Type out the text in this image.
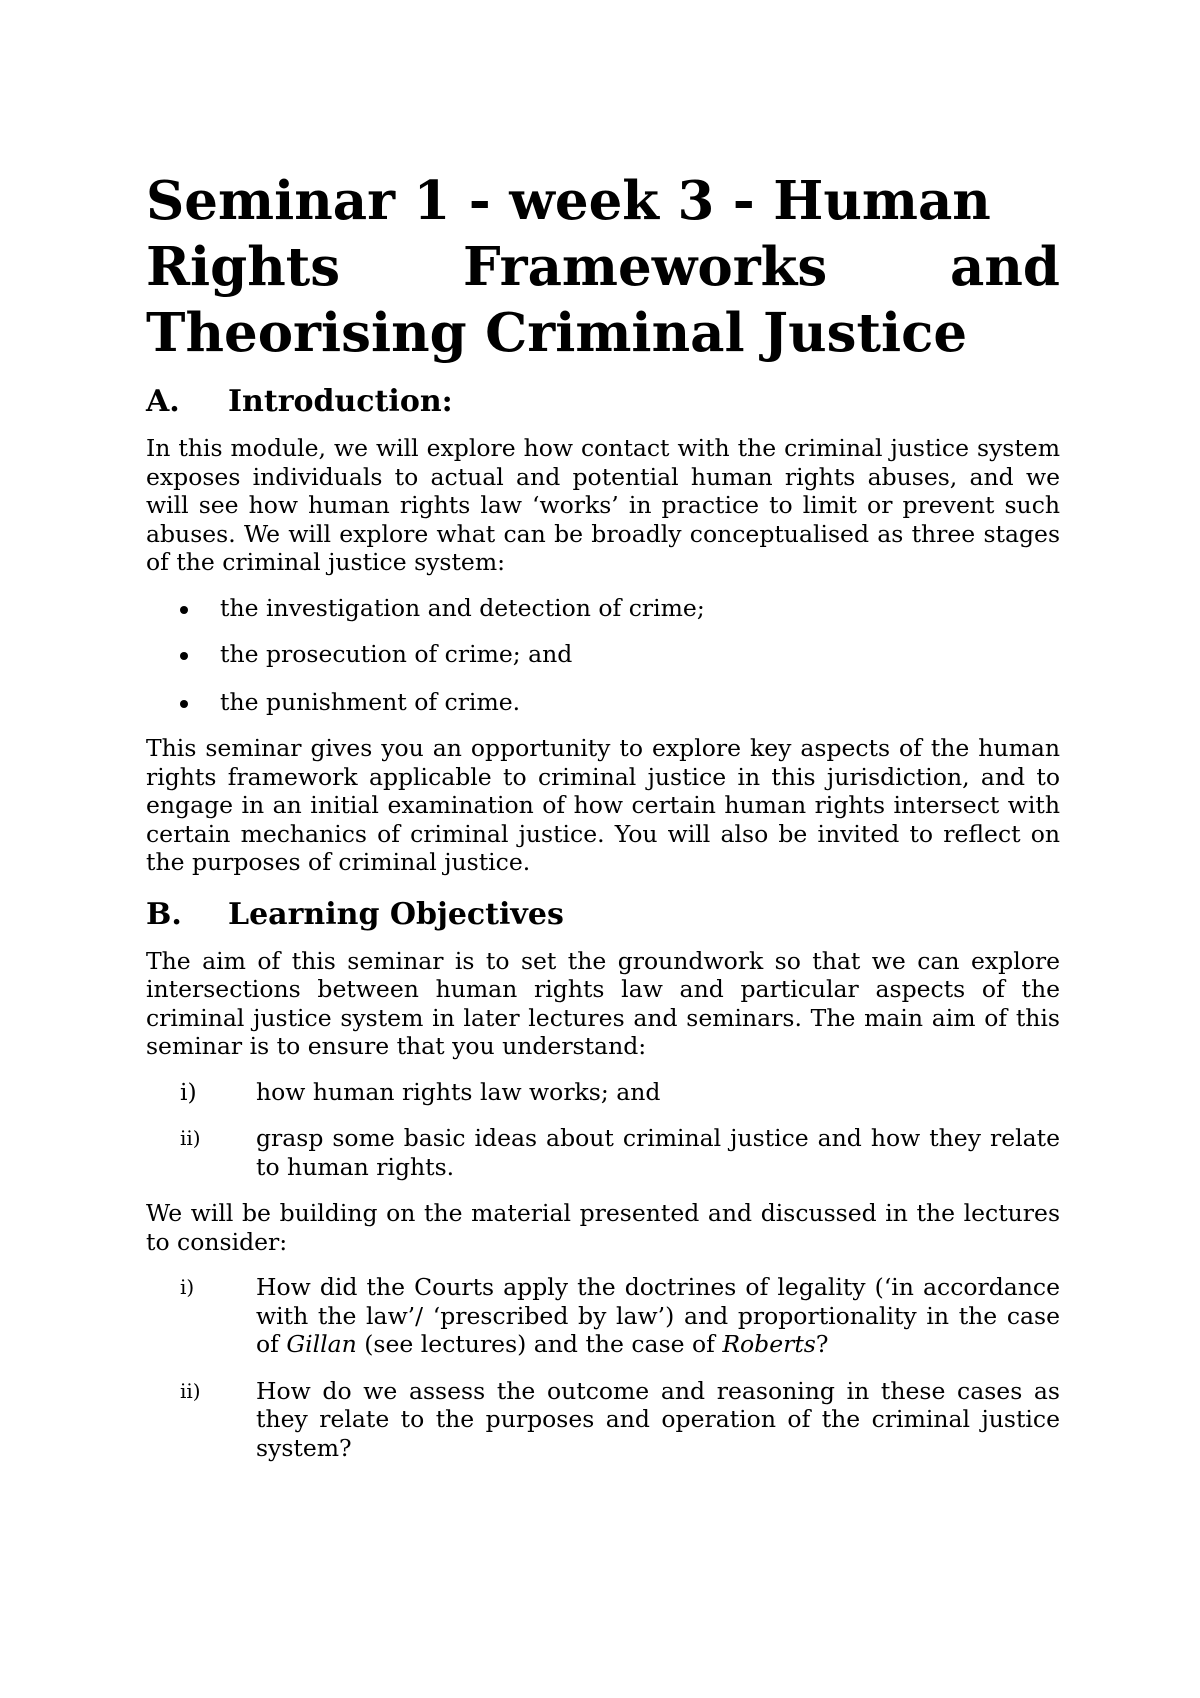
Seminar 1 - week 3 - Human
Rights Frameworks and
Theorising Criminal Justice
A.	Introduction:

In this module, we will explore how contact with the criminal justice system exposes individuals to actual and potential human rights abuses, and we will see how human rights law ‘works’ in practice to limit or prevent such abuses. We will explore what can be broadly conceptualised as three stages of the criminal justice system:

the investigation and detection of crime;
the prosecution of crime; and
the punishment of crime.

This seminar gives you an opportunity to explore key aspects of the human rights framework applicable to criminal justice in this jurisdiction, and to engage in an initial examination of how certain human rights intersect with certain mechanics of criminal justice. You will also be invited to reflect on the purposes of criminal justice.

B.	Learning Objectives

The aim of this seminar is to set the groundwork so that we can explore intersections between human rights law and particular aspects of the criminal justice system in later lectures and seminars. The main aim of this seminar is to ensure that you understand:

i)	how human rights law works; and
ii)	grasp some basic ideas about criminal justice and how they relate to human rights.

We will be building on the material presented and discussed in the lectures to consider:

i)	How did the Courts apply the doctrines of legality (‘in accordance with the law’/ ‘prescribed by law’) and proportionality in the case of Gillan (see lectures) and the case of Roberts?
ii)	How do we assess the outcome and reasoning in these cases as they relate to the purposes and operation of the criminal justice system?
